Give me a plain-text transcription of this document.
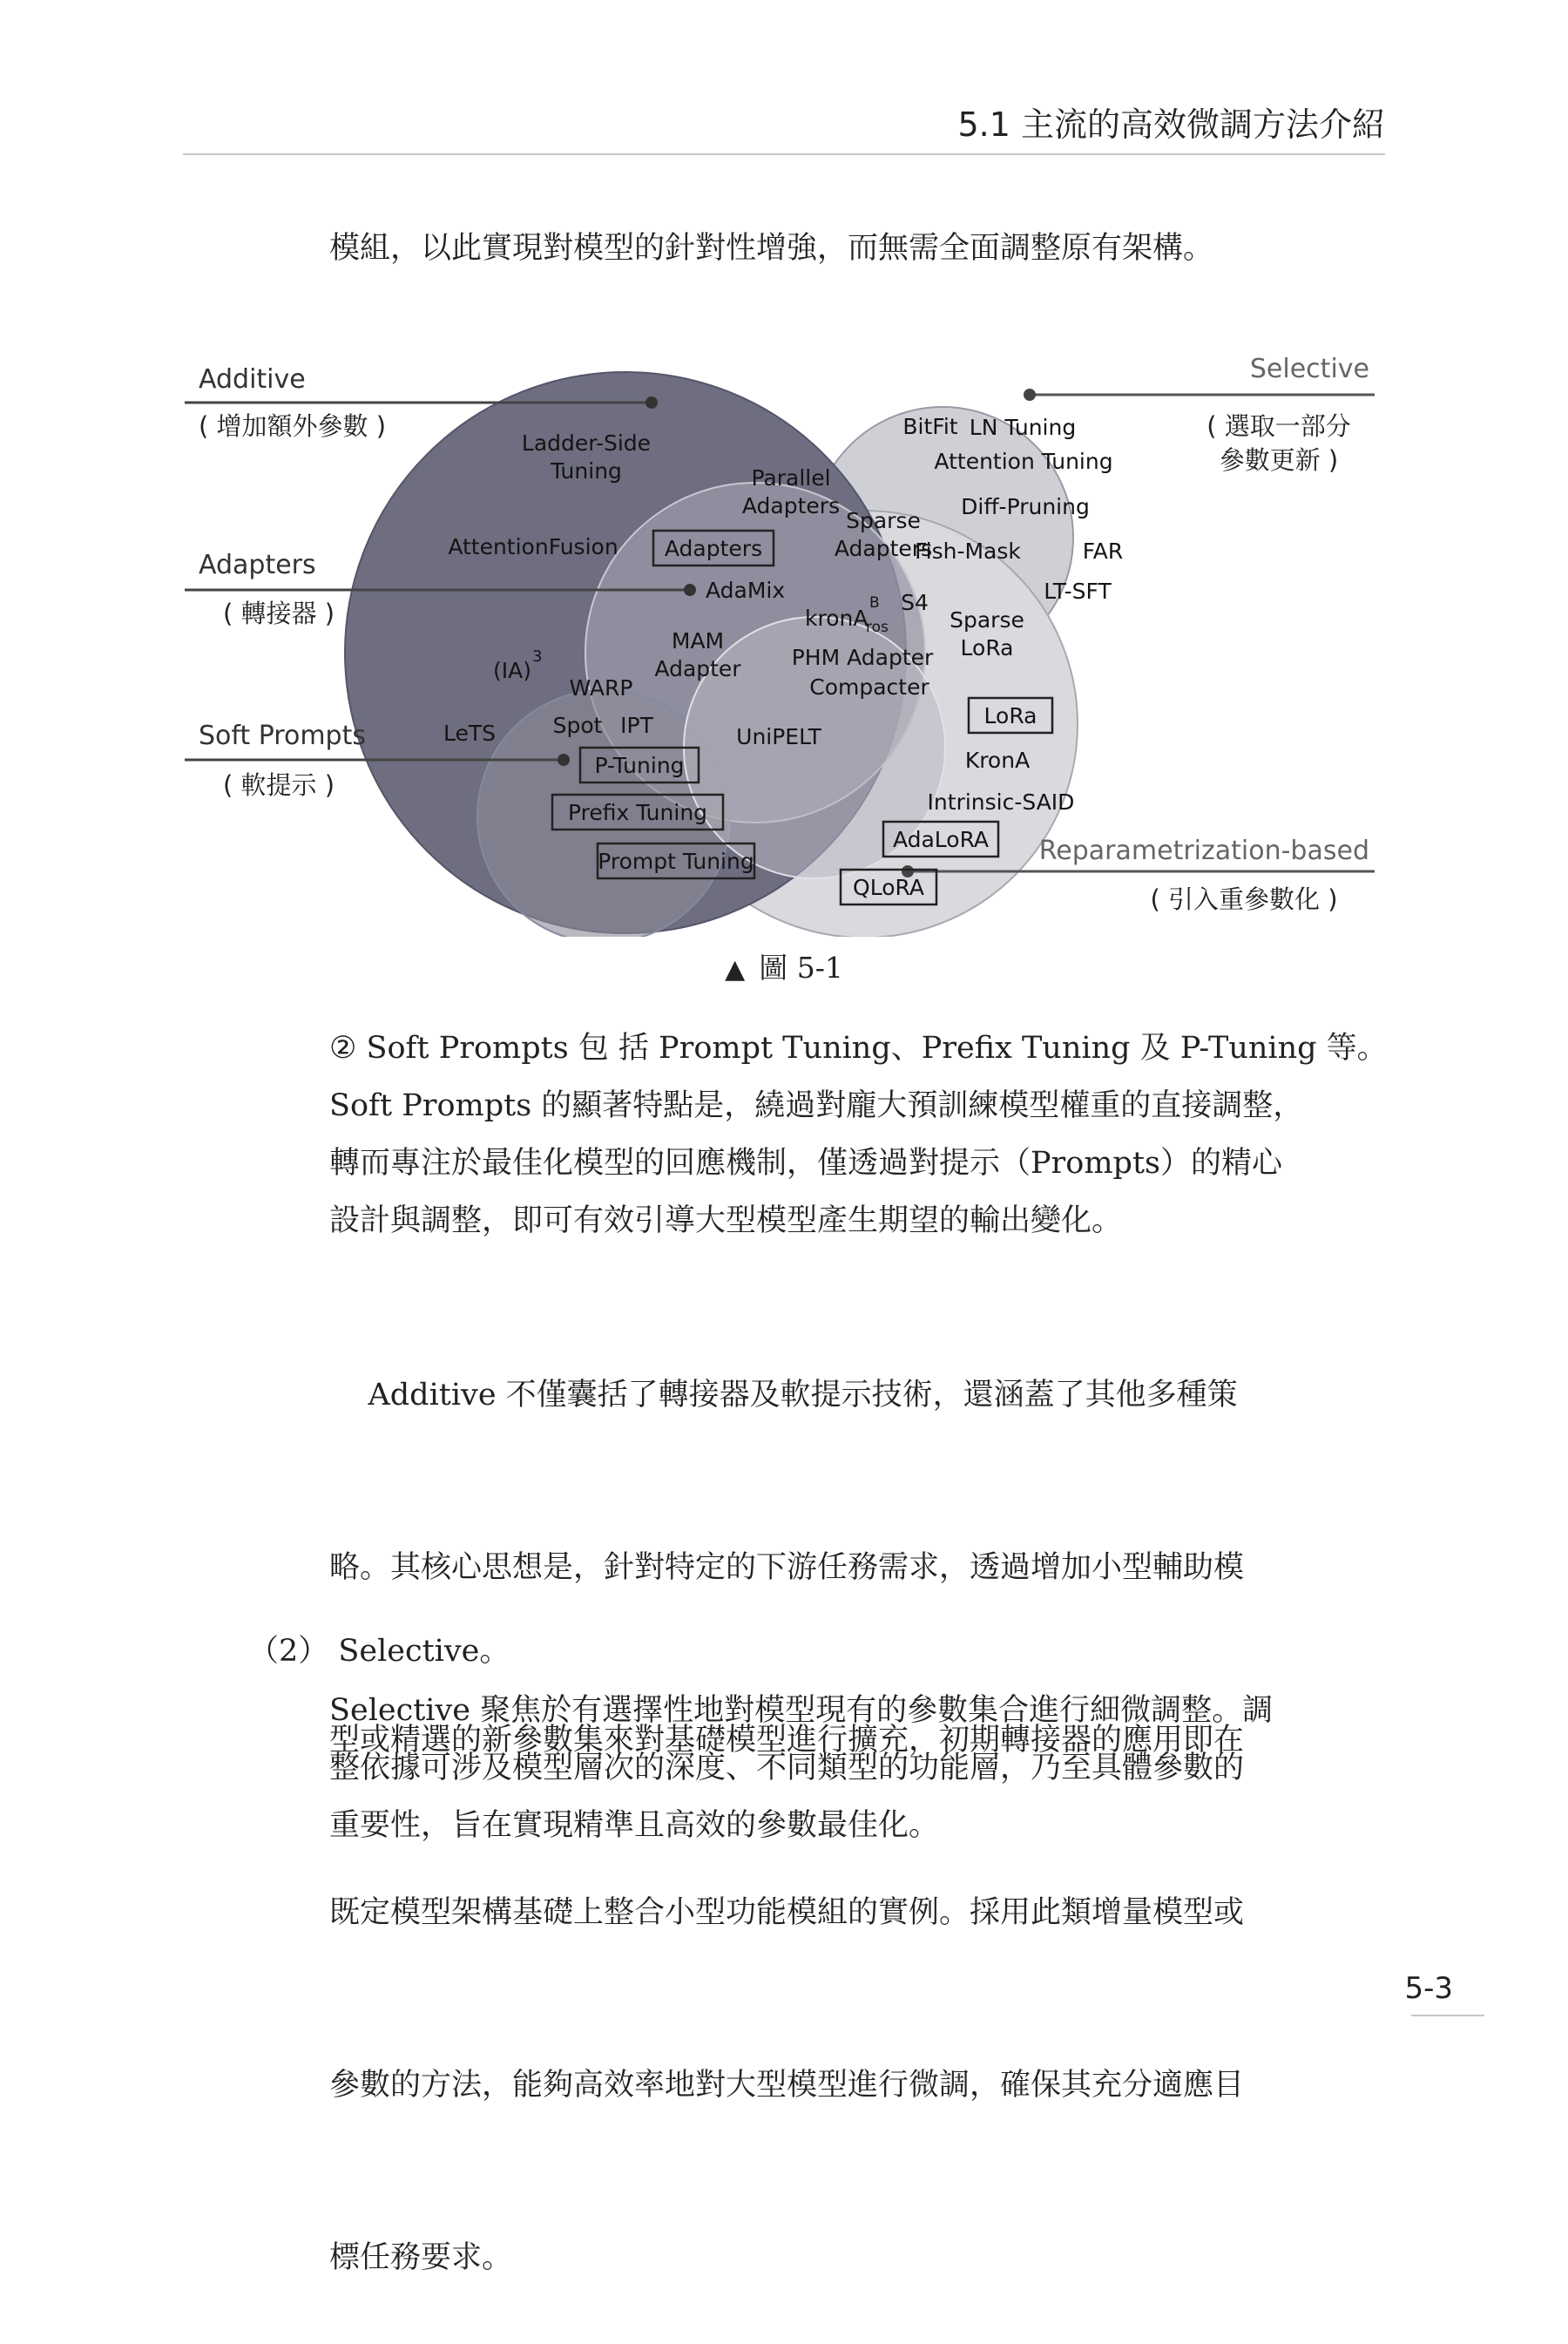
5.1 主流的高效微調方法介紹
模組，以此實現對模型的針對性增強，而無需全面調整原有架構。
Additive
( 增加額外參數 )
Selective
( 選取一部分
參數更新 )
Adapters
( 轉接器 )
Soft Prompts
( 軟提示 )
Reparametrization-based
( 引入重參數化 )
Ladder-Side
Tuning
AttentionFusion
(IA)
3
LeTS
Parallel
Adapters
Adapters
AdaMix
Sparse
Adapters
MAM
Adapter
WARP
Spot IPT
P-Tuning
Prefix Tuning
Prompt Tuning
kronA
B
ros
S4
PHM Adapter
Compacter
UniPELT
BitFit LN Tuning
Attention Tuning
Diff-Pruning
Fish-Mask	FAR
LT-SFT
Sparse
LoRa
LoRa
KronA
Intrinsic-SAID
AdaLoRA
QLoRA
▲ 圖 5-1
② Soft Prompts 包 括 Prompt Tuning、Prefix Tuning 及 P-Tuning 等。
Soft Prompts 的顯著特點是，繞過對龐大預訓練模型權重的直接調整，
轉而專注於最佳化模型的回應機制，僅透過對提示（Prompts）的精心
設計與調整，即可有效引導大型模型產生期望的輸出變化。

Additive 不僅囊括了轉接器及軟提示技術，還涵蓋了其他多種策

略。其核心思想是，針對特定的下游任務需求，透過增加小型輔助模

型或精選的新參數集來對基礎模型進行擴充，初期轉接器的應用即在

既定模型架構基礎上整合小型功能模組的實例。採用此類增量模型或

參數的方法，能夠高效率地對大型模型進行微調，確保其充分適應目

標任務要求。

（2） Selective。
Selective 聚焦於有選擇性地對模型現有的參數集合進行細微調整。調
整依據可涉及模型層次的深度、不同類型的功能層，乃至具體參數的
重要性，旨在實現精準且高效的參數最佳化。
5-3
